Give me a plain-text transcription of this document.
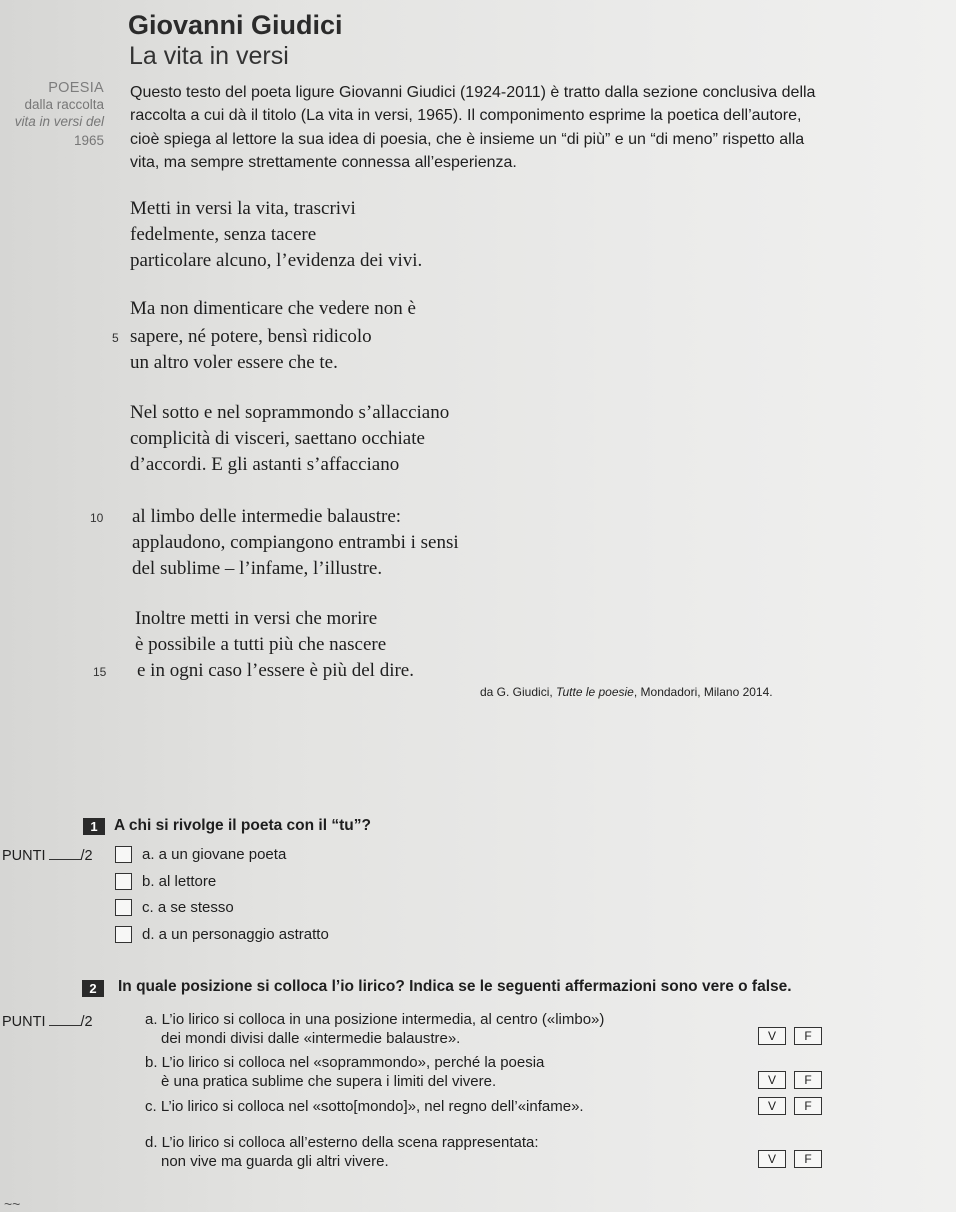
Giovanni Giudici
La vita in versi
POESIA
dalla raccolta
vita in versi del
1965
Questo testo del poeta ligure Giovanni Giudici (1924-2011) è tratto dalla sezione conclusiva della raccolta a cui dà il titolo (La vita in versi, 1965). Il componimento esprime la poetica dell’autore, cioè spiega al lettore la sua idea di poesia, che è insieme un “di più” e un “di meno” rispetto alla vita, ma sempre strettamente connessa all’esperienza.
Metti in versi la vita, trascrivi
fedelmente, senza tacere
particolare alcuno, l’evidenza dei vivi.
Ma non dimenticare che vedere non è
5 sapere, né potere, bensì ridicolo
un altro voler essere che te.
Nel sotto e nel soprammondo s’allacciano
complicità di visceri, saettano occhiate
d’accordi. E gli astanti s’affacciano
10 al limbo delle intermedie balaustre:
applaudono, compiangono entrambi i sensi
del sublime – l’infame, l’illustre.
Inoltre metti in versi che morire
è possibile a tutti più che nascere
15 e in ogni caso l’essere è più del dire.
da G. Giudici, Tutte le poesie, Mondadori, Milano 2014.
1	A chi si rivolge il poeta con il “tu”?
PUNTI /2	a. a un giovane poeta
b. al lettore
c. a se stesso
d. a un personaggio astratto
2	In quale posizione si colloca l’io lirico? Indica se le seguenti affermazioni sono vere o false.
PUNTI /2	a. L’io lirico si colloca in una posizione intermedia, al centro («limbo»)
dei mondi divisi dalle «intermedie balaustre».	V	F
b. L’io lirico si colloca nel «soprammondo», perché la poesia
è una pratica sublime che supera i limiti del vivere.	V	F
c. L’io lirico si colloca nel «sotto[mondo]», nel regno dell’«infame».	V	F
d. L’io lirico si colloca all’esterno della scena rappresentata:
non vive ma guarda gli altri vivere.	V	F
~~
